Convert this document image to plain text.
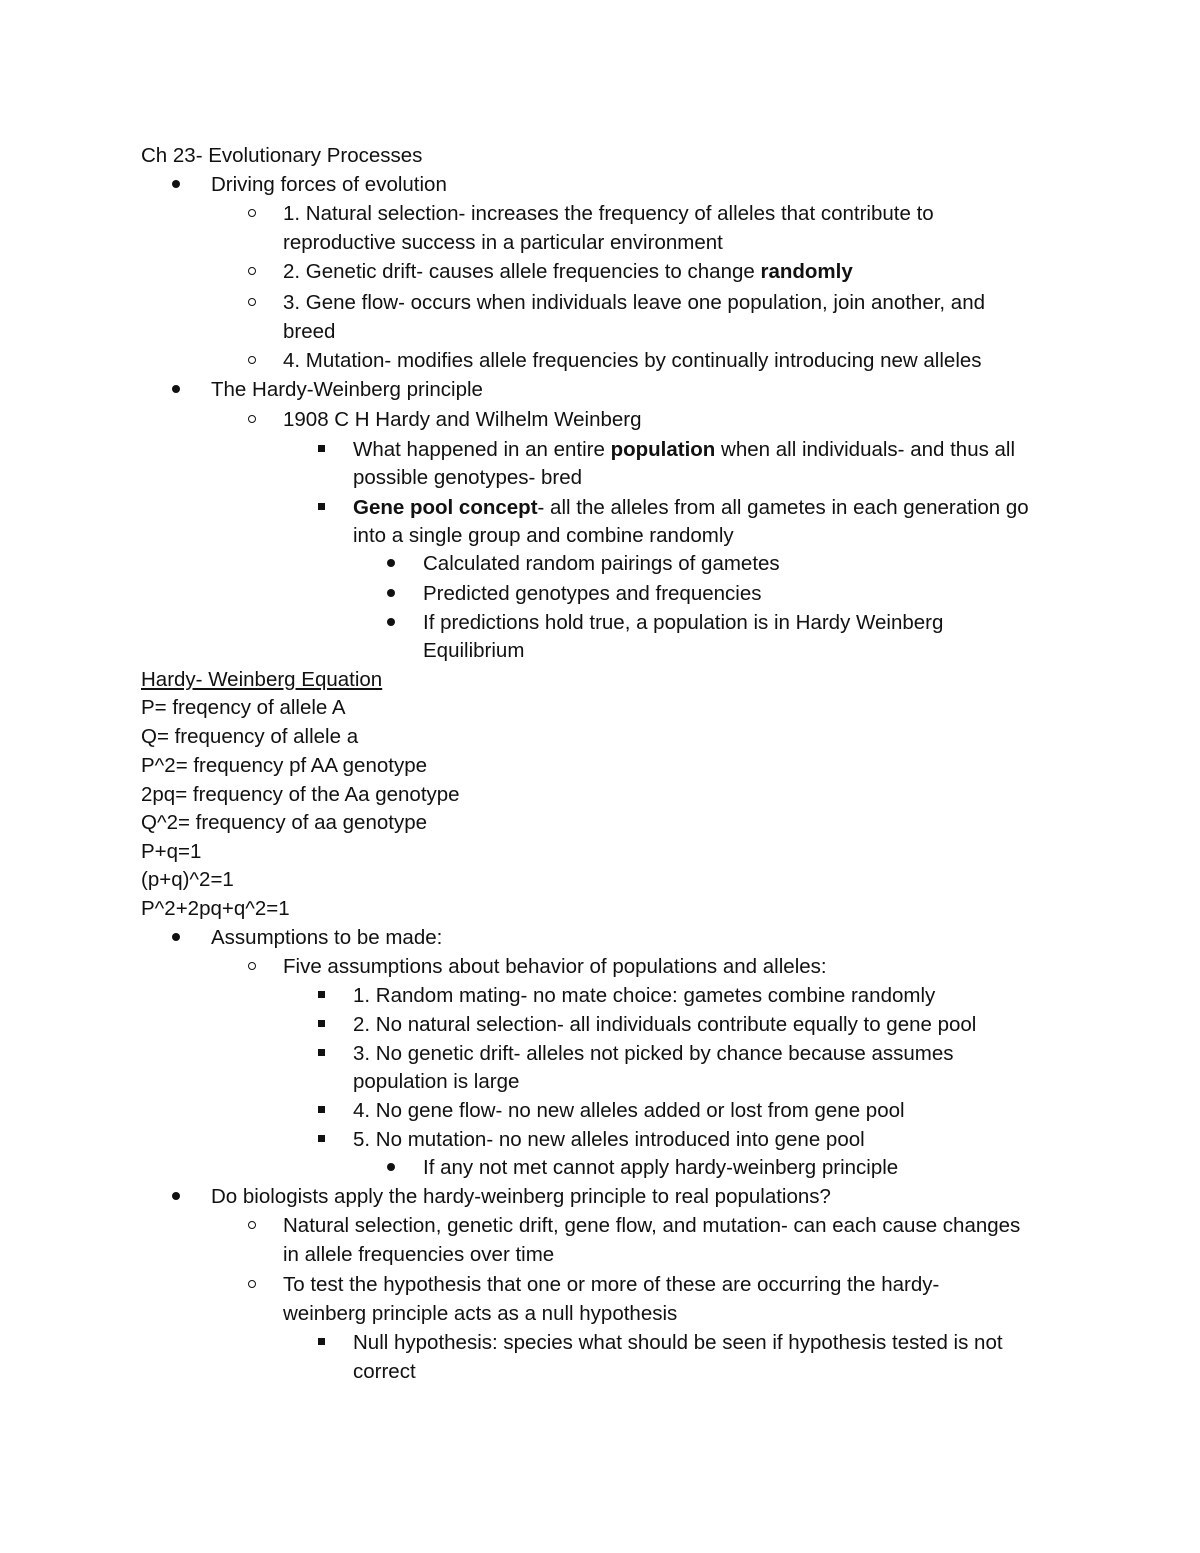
Ch 23- Evolutionary Processes
Driving forces of evolution
1. Natural selection- increases the frequency of alleles that contribute to
reproductive success in a particular environment
2. Genetic drift- causes allele frequencies to change randomly
3. Gene flow- occurs when individuals leave one population, join another, and
breed
4. Mutation- modifies allele frequencies by continually introducing new alleles
The Hardy-Weinberg principle
1908 C H Hardy and Wilhelm Weinberg
What happened in an entire population when all individuals- and thus all
possible genotypes- bred
Gene pool concept- all the alleles from all gametes in each generation go
into a single group and combine randomly
Calculated random pairings of gametes
Predicted genotypes and frequencies
If predictions hold true, a population is in Hardy Weinberg
Equilibrium
Hardy- Weinberg Equation
P= freqency of allele A
Q= frequency of allele a
P^2= frequency pf AA genotype
2pq= frequency of the Aa genotype
Q^2= frequency of aa genotype
P+q=1
(p+q)^2=1
P^2+2pq+q^2=1
Assumptions to be made:
Five assumptions about behavior of populations and alleles:
1. Random mating- no mate choice: gametes combine randomly
2. No natural selection- all individuals contribute equally to gene pool
3. No genetic drift- alleles not picked by chance because assumes
population is large
4. No gene flow- no new alleles added or lost from gene pool
5. No mutation- no new alleles introduced into gene pool
If any not met cannot apply hardy-weinberg principle
Do biologists apply the hardy-weinberg principle to real populations?
Natural selection, genetic drift, gene flow, and mutation- can each cause changes
in allele frequencies over time
To test the hypothesis that one or more of these are occurring the hardy-
weinberg principle acts as a null hypothesis
Null hypothesis: species what should be seen if hypothesis tested is not
correct
